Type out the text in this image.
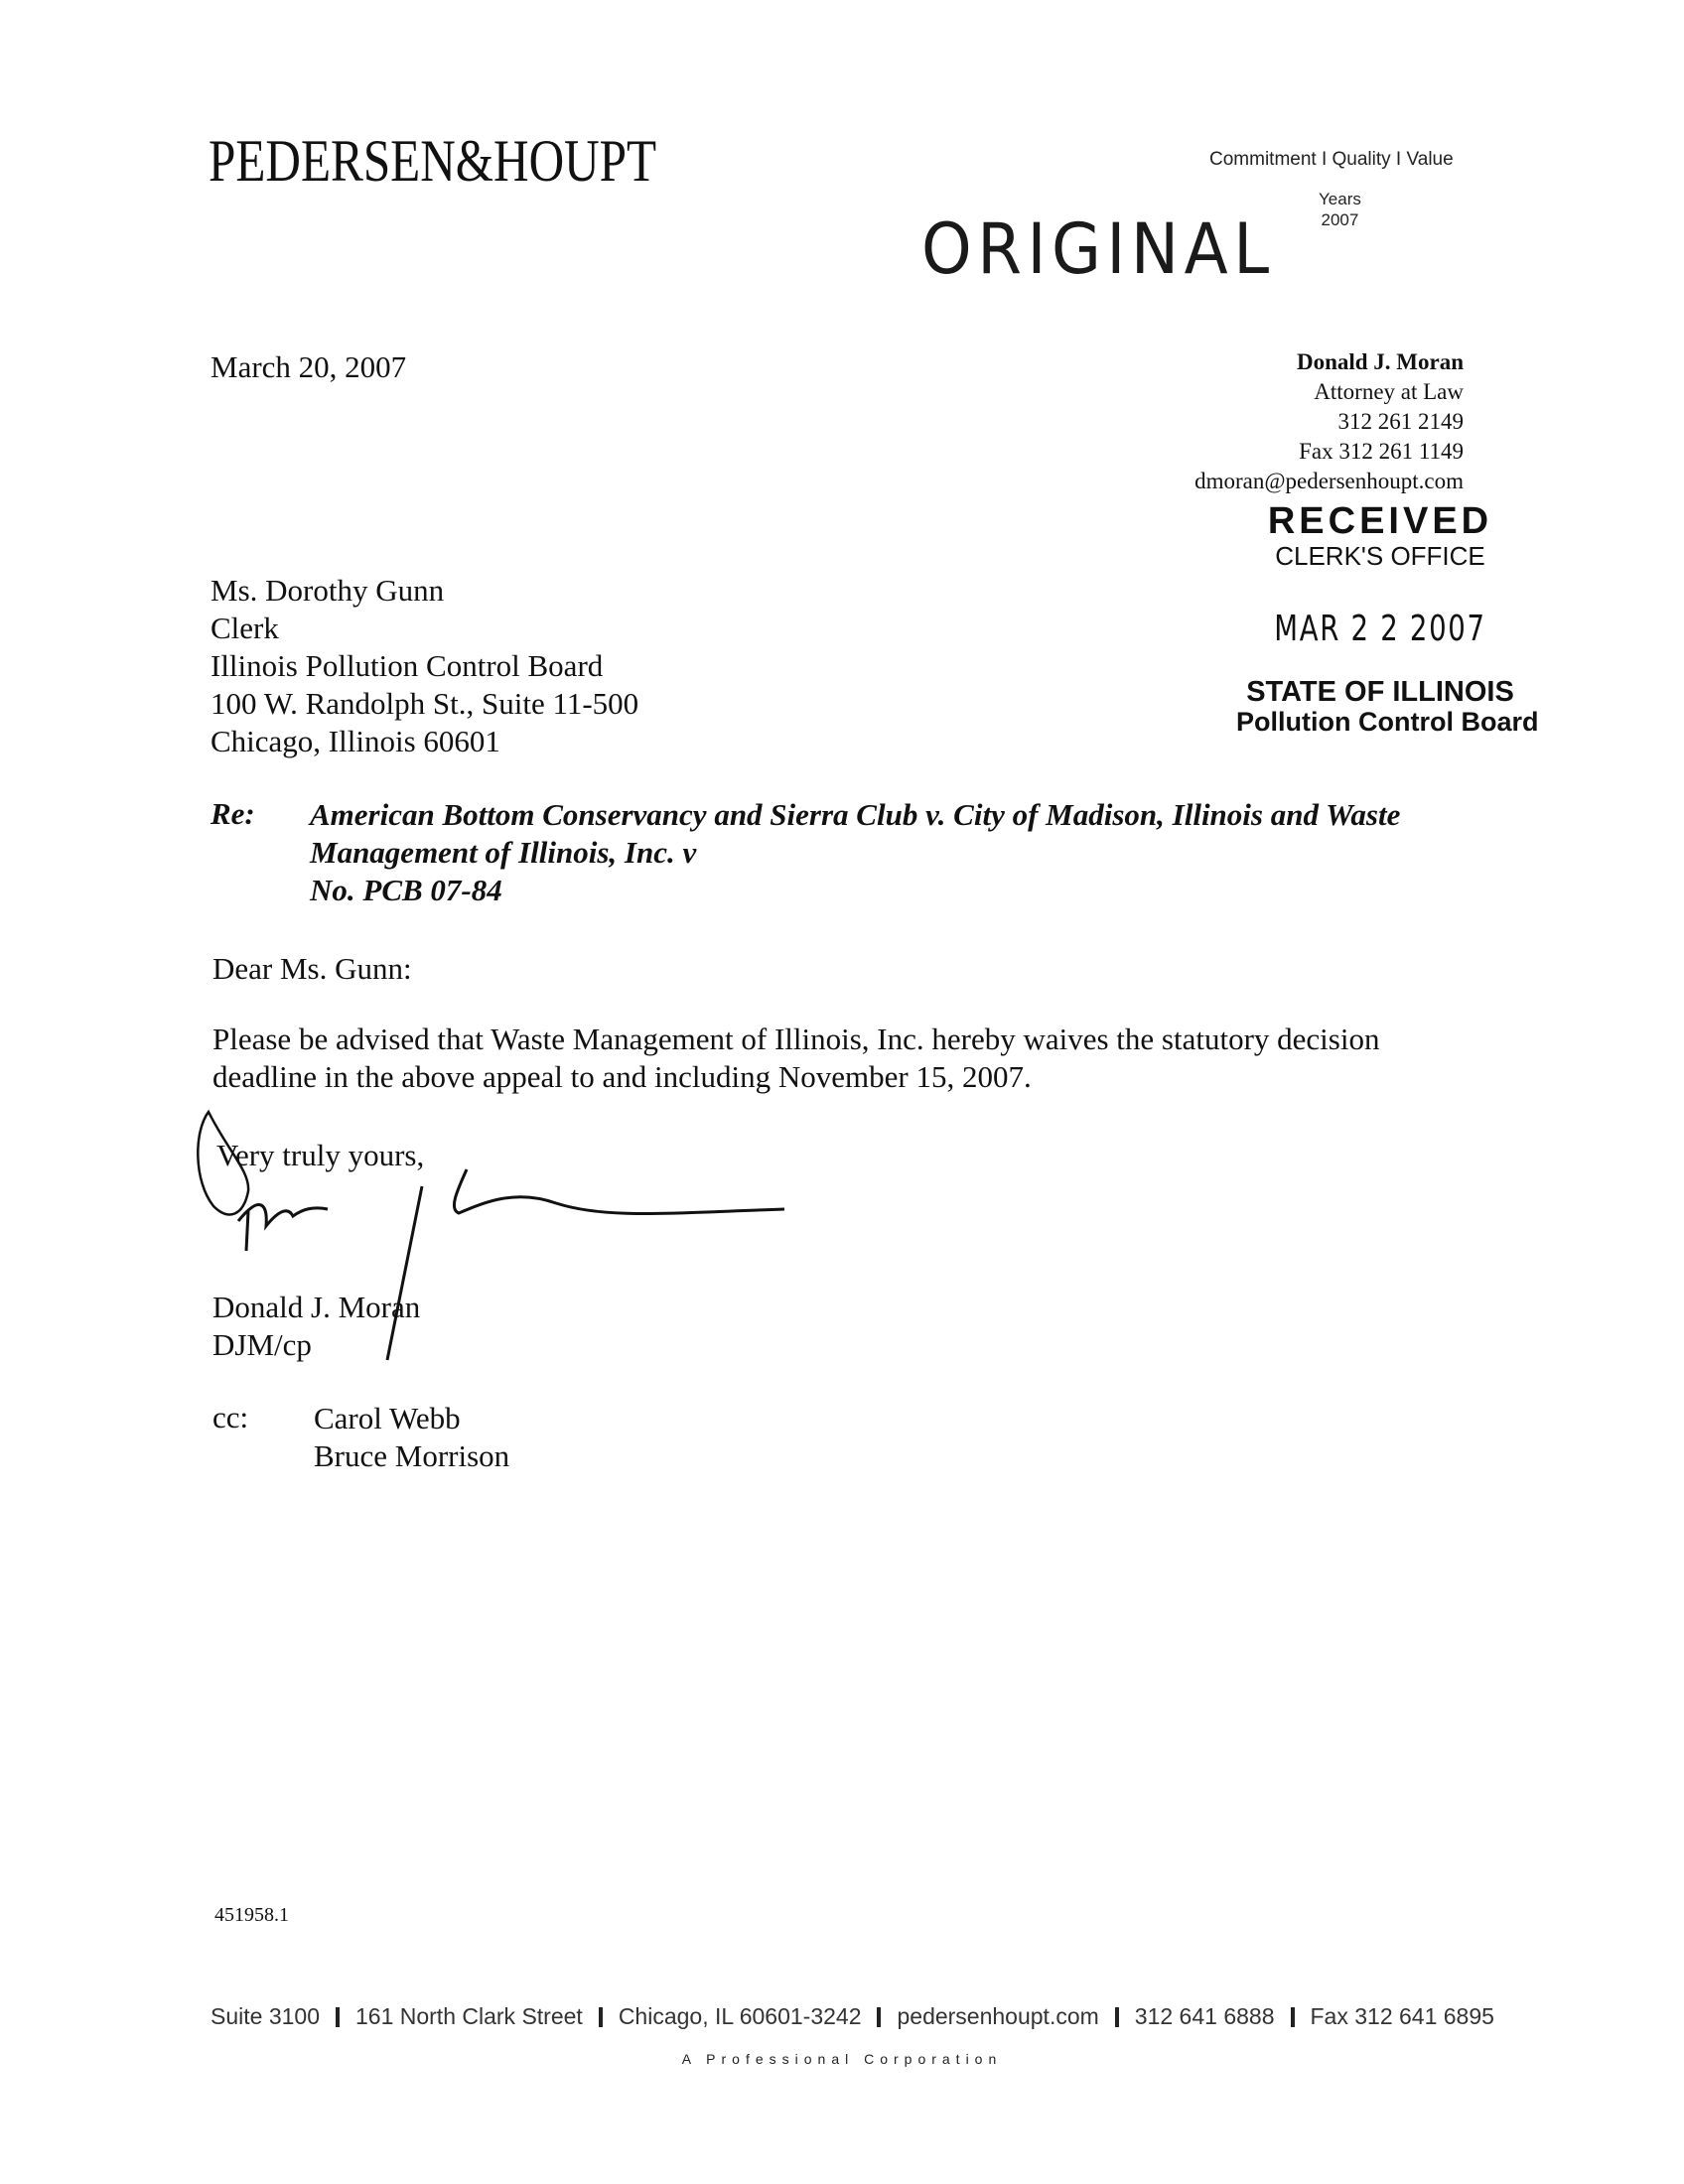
PEDERSEN&HOUPT	Commitment I Quality I Value
Years
2007
ORIGINAL
March 20, 2007	Donald J. Moran
Attorney at Law
312 261 2149
Fax 312 261 1149
dmoran@pedersenhoupt.com
RECEIVED
CLERK'S OFFICE
MAR 2 2 2007
STATE OF ILLINOIS
Pollution Control Board
Ms. Dorothy Gunn
Clerk
Illinois Pollution Control Board
100 W. Randolph St., Suite 11-500
Chicago, Illinois 60601
Re: American Bottom Conservancy and Sierra Club v. City of Madison, Illinois and Waste
Management of Illinois, Inc. v
No. PCB 07-84
Dear Ms. Gunn:
Please be advised that Waste Management of Illinois, Inc. hereby waives the statutory decision
deadline in the above appeal to and including November 15, 2007.
Very truly yours,
Donald J. Moran
DJM/cp
cc: Carol Webb
Bruce Morrison
451958.1
Suite 3100 161 North Clark Street Chicago, IL 60601-3242 pedersenhoupt.com 312 641 6888 Fax 312 641 6895
A Professional Corporation
